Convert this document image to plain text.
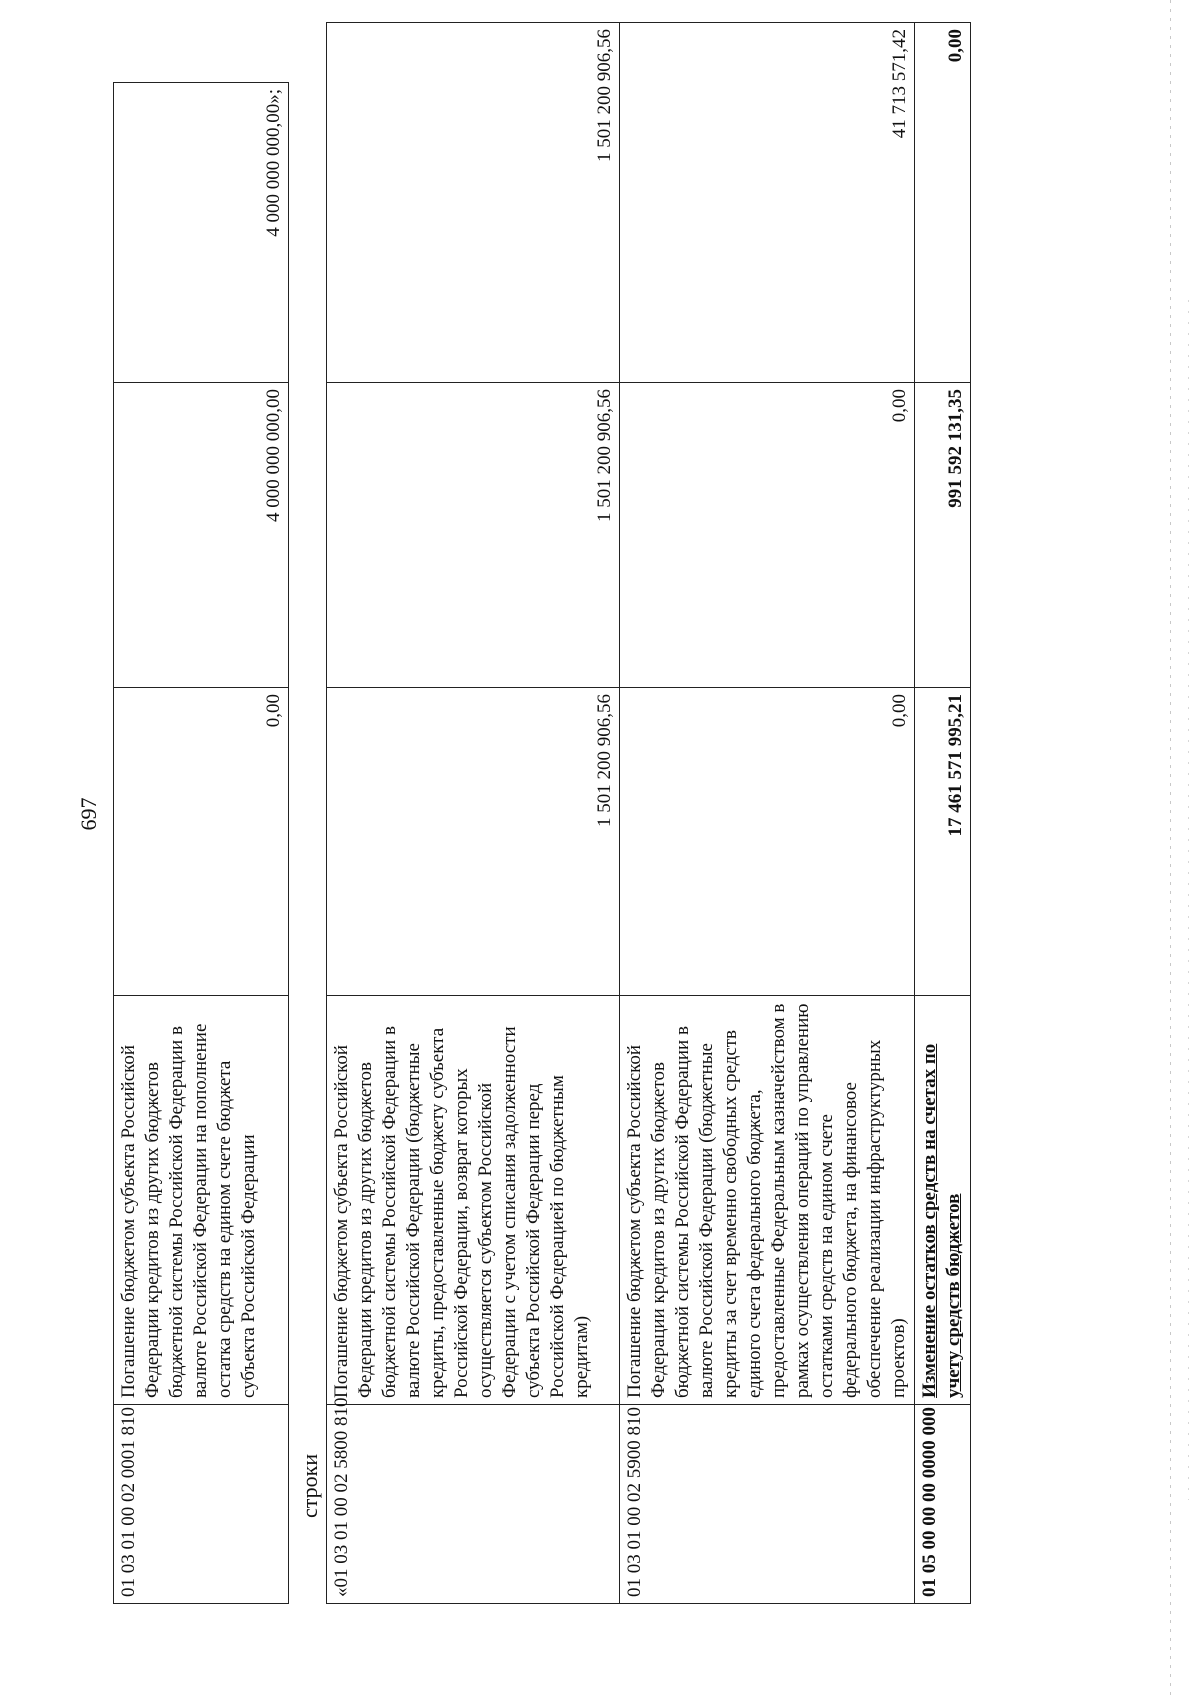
697
01 03 01 00 02 0001 810	Погашение бюджетом субъекта Российской Федерации кредитов из других бюджетов бюджетной системы Российской Федерации в валюте Российской Федерации на пополнение остатка средств на едином счете бюджета субъекта Российской Федерации	0,00	4 000 000 000,00	4 000 000 000,00»;
строки «01 03 01 00 02 5800 810	Погашение бюджетом субъекта Российской Федерации кредитов из других бюджетов бюджетной системы Российской Федерации в валюте Российской Федерации (бюджетные кредиты, предоставленные бюджету субъекта Российской Федерации, возврат которых осуществляется субъектом Российской Федерации с учетом списания задолженности субъекта Российской Федерации перед Российской Федерацией по бюджетным кредитам)	1 501 200 906,56	1 501 200 906,56	1 501 200 906,56
01 03 01 00 02 5900 810	Погашение бюджетом субъекта Российской Федерации кредитов из других бюджетов бюджетной системы Российской Федерации в валюте Российской Федерации (бюджетные кредиты за счет временно свободных средств единого счета федерального бюджета, предоставленные Федеральным казначейством в рамках осуществления операций по управлению остатками средств на едином счете федерального бюджета, на финансовое обеспечение реализации инфраструктурных проектов)	0,00	0,00	41 713 571,42
01 05 00 00 00 0000 000	Изменение остатков средств на счетах по учету средств бюджетов	17 461 571 995,21	991 592 131,35	0,00
